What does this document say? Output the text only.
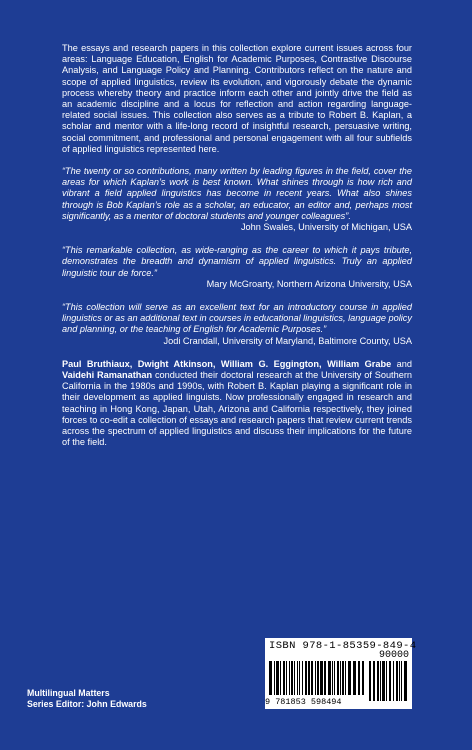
The essays and research papers in this collection explore current issues across four areas: Language Education, English for Academic Purposes, Contrastive Discourse Analysis, and Language Policy and Planning. Contributors reflect on the nature and scope of applied linguistics, review its evolution, and vigorously debate the dynamic process whereby theory and practice inform each other and jointly drive the field as an academic discipline and a locus for reflection and action regarding language-related social issues. This collection also serves as a tribute to Robert B. Kaplan, a scholar and mentor with a life-long record of insightful research, persuasive writing, social commitment, and professional and personal engagement with all four subfields of applied linguistics represented here.

“The twenty or so contributions, many written by leading figures in the field, cover the areas for which Kaplan’s work is best known. What shines through is how rich and vibrant a field applied linguistics has become in recent years. What also shines through is Bob Kaplan’s role as a scholar, an educator, an editor and, perhaps most significantly, as a mentor of doctoral students and younger colleagues”.

John Swales, University of Michigan, USA

“This remarkable collection, as wide-ranging as the career to which it pays tribute, demonstrates the breadth and dynamism of applied linguistics. Truly an applied linguistic tour de force.”

Mary McGroarty, Northern Arizona University, USA

“This collection will serve as an excellent text for an introductory course in applied linguistics or as an additional text in courses in educational linguistics, language policy and planning, or the teaching of English for Academic Purposes.”

Jodi Crandall, University of Maryland, Baltimore County, USA

Paul Bruthiaux, Dwight Atkinson, William G. Eggington, William Grabe and Vaidehi Ramanathan conducted their doctoral research at the University of Southern California in the 1980s and 1990s, with Robert B. Kaplan playing a significant role in their development as applied linguists. Now professionally engaged in research and teaching in Hong Kong, Japan, Utah, Arizona and California respectively, they joined forces to co-edit a collection of essays and research papers that review current trends across the spectrum of applied linguistics and discuss their implications for the future of the field.

ISBN 978-1-85359-849-4
90000
9 781853 598494
Multilingual Matters
Series Editor: John Edwards
